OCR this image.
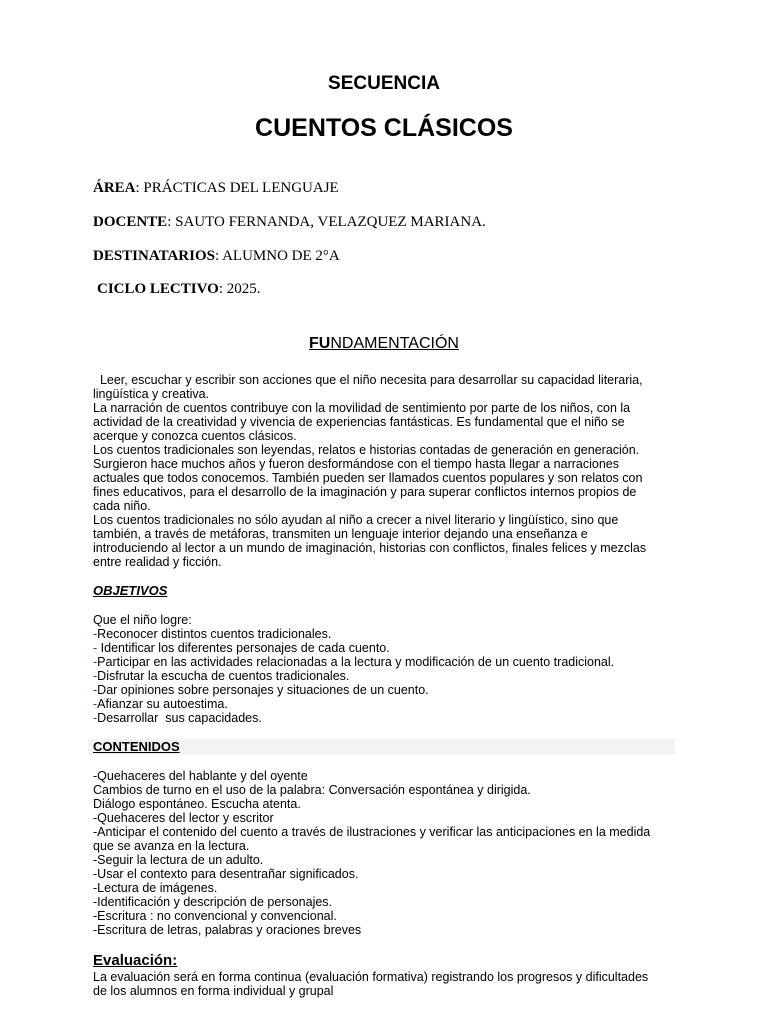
SECUENCIA
CUENTOS CLÁSICOS
ÁREA: PRÁCTICAS DEL LENGUAJE
DOCENTE: SAUTO FERNANDA, VELAZQUEZ MARIANA.
DESTINATARIOS: ALUMNO DE 2°A
CICLO LECTIVO: 2025.
FUNDAMENTACIÓN
Leer, escuchar y escribir son acciones que el niño necesita para desarrollar su capacidad literaria,
lingüística y creativa.
La narración de cuentos contribuye con la movilidad de sentimiento por parte de los niños, con la
actividad de la creatividad y vivencia de experiencias fantásticas. Es fundamental que el niño se
acerque y conozca cuentos clásicos.
Los cuentos tradicionales son leyendas, relatos e historias contadas de generación en generación.
Surgieron hace muchos años y fueron desformándose con el tiempo hasta llegar a narraciones
actuales que todos conocemos. También pueden ser llamados cuentos populares y son relatos con
fines educativos, para el desarrollo de la imaginación y para superar conflictos internos propios de
cada niño.
Los cuentos tradicionales no sólo ayudan al niño a crecer a nivel literario y lingüístico, sino que
también, a través de metáforas, transmiten un lenguaje interior dejando una enseñanza e
introduciendo al lector a un mundo de imaginación, historias con conflictos, finales felices y mezclas
entre realidad y ficción.
OBJETIVOS
Que el niño logre:
-Reconocer distintos cuentos tradicionales.
- Identificar los diferentes personajes de cada cuento.
-Participar en las actividades relacionadas a la lectura y modificación de un cuento tradicional.
-Disfrutar la escucha de cuentos tradicionales.
-Dar opiniones sobre personajes y situaciones de un cuento.
-Afianzar su autoestima.
-Desarrollar  sus capacidades.
CONTENIDOS
-Quehaceres del hablante y del oyente
Cambios de turno en el uso de la palabra: Conversación espontánea y dirigida.
Diálogo espontáneo. Escucha atenta.
-Quehaceres del lector y escritor
-Anticipar el contenido del cuento a través de ilustraciones y verificar las anticipaciones en la medida
que se avanza en la lectura.
-Seguir la lectura de un adulto.
-Usar el contexto para desentrañar significados.
-Lectura de imágenes.
-Identificación y descripción de personajes.
-Escritura : no convencional y convencional.
-Escritura de letras, palabras y oraciones breves
Evaluación:
La evaluación será en forma continua (evaluación formativa) registrando los progresos y dificultades
de los alumnos en forma individual y grupal
